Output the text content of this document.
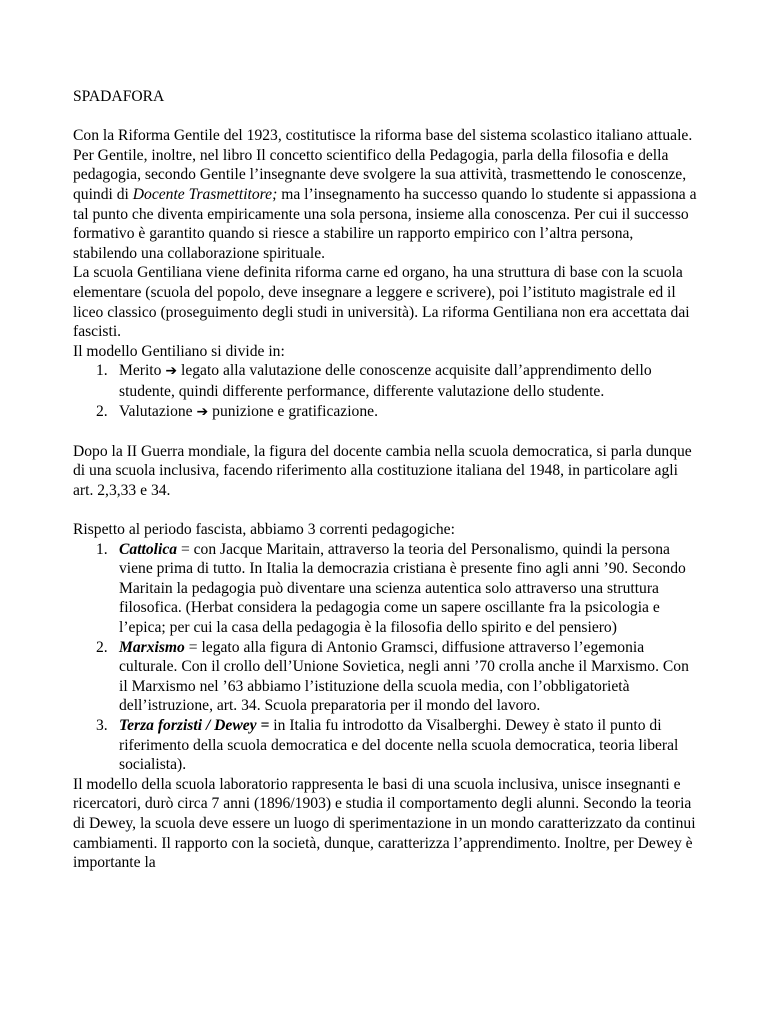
SPADAFORA

Con la Riforma Gentile del 1923, costitutisce la riforma base del sistema scolastico italiano attuale. Per Gentile, inoltre, nel libro Il concetto scientifico della Pedagogia, parla della filosofia e della pedagogia, secondo Gentile l’insegnante deve svolgere la sua attività, trasmettendo le conoscenze, quindi di Docente Trasmettitore; ma l’insegnamento ha successo quando lo studente si appassiona a tal punto che diventa empiricamente una sola persona, insieme alla conoscenza. Per cui il successo formativo è garantito quando si riesce a stabilire un rapporto empirico con l’altra persona, stabilendo una collaborazione spirituale.

La scuola Gentiliana viene definita riforma carne ed organo, ha una struttura di base con la scuola elementare (scuola del popolo, deve insegnare a leggere e scrivere), poi l’istituto magistrale ed il liceo classico (proseguimento degli studi in università). La riforma Gentiliana non era accettata dai fascisti.

Il modello Gentiliano si divide in:

1. Merito ➔ legato alla valutazione delle conoscenze acquisite dall’apprendimento dello studente, quindi differente performance, differente valutazione dello studente.
2. Valutazione ➔ punizione e gratificazione.

Dopo la II Guerra mondiale, la figura del docente cambia nella scuola democratica, si parla dunque di una scuola inclusiva, facendo riferimento alla costituzione italiana del 1948, in particolare agli art. 2,3,33 e 34.

Rispetto al periodo fascista, abbiamo 3 correnti pedagogiche:

1. Cattolica = con Jacque Maritain, attraverso la teoria del Personalismo, quindi la persona viene prima di tutto. In Italia la democrazia cristiana è presente fino agli anni ’90. Secondo Maritain la pedagogia può diventare una scienza autentica solo attraverso una struttura filosofica. (Herbat considera la pedagogia come un sapere oscillante fra la psicologia e l’epica; per cui la casa della pedagogia è la filosofia dello spirito e del pensiero)
2. Marxismo = legato alla figura di Antonio Gramsci, diffusione attraverso l’egemonia culturale. Con il crollo dell’Unione Sovietica, negli anni ’70 crolla anche il Marxismo. Con il Marxismo nel ’63 abbiamo l’istituzione della scuola media, con l’obbligatorietà dell’istruzione, art. 34. Scuola preparatoria per il mondo del lavoro.
3. Terza forzisti / Dewey = in Italia fu introdotto da Visalberghi. Dewey è stato il punto di riferimento della scuola democratica e del docente nella scuola democratica, teoria liberal socialista).

Il modello della scuola laboratorio rappresenta le basi di una scuola inclusiva, unisce insegnanti e ricercatori, durò circa 7 anni (1896/1903) e studia il comportamento degli alunni. Secondo la teoria di Dewey, la scuola deve essere un luogo di sperimentazione in un mondo caratterizzato da continui cambiamenti. Il rapporto con la società, dunque, caratterizza l’apprendimento. Inoltre, per Dewey è importante la
